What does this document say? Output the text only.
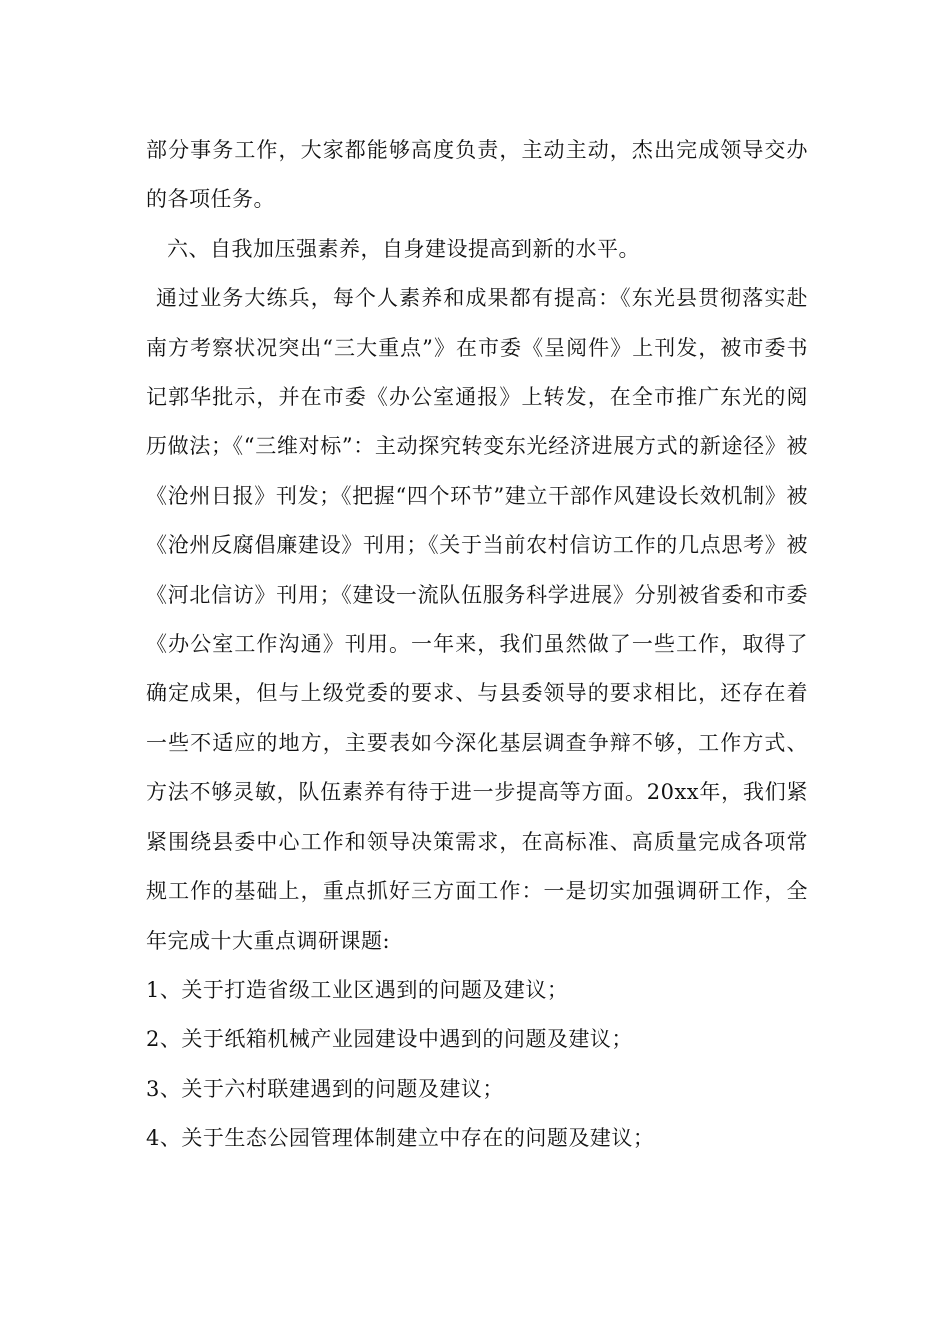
部分事务工作，大家都能够高度负责，主动主动，杰出完成领导交办的各项任务。

六、自我加压强素养，自身建设提高到新的水平。

通过业务大练兵，每个人素养和成果都有提高：《东光县贯彻落实赴南方考察状况突出“三大重点”》在市委《呈阅件》上刊发，被市委书记郭华批示，并在市委《办公室通报》上转发，在全市推广东光的阅历做法；《“三维对标”：主动探究转变东光经济进展方式的新途径》被《沧州日报》刊发；《把握“四个环节”建立干部作风建设长效机制》被《沧州反腐倡廉建设》刊用；《关于当前农村信访工作的几点思考》被《河北信访》刊用；《建设一流队伍服务科学进展》分别被省委和市委《办公室工作沟通》刊用。一年来，我们虽然做了一些工作，取得了确定成果，但与上级党委的要求、与县委领导的要求相比，还存在着一些不适应的地方，主要表如今深化基层调查争辩不够，工作方式、方法不够灵敏，队伍素养有待于进一步提高等方面。20xx年，我们紧紧围绕县委中心工作和领导决策需求，在高标准、高质量完成各项常规工作的基础上，重点抓好三方面工作：一是切实加强调研工作，全年完成十大重点调研课题:

1、关于打造省级工业区遇到的问题及建议；

2、关于纸箱机械产业园建设中遇到的问题及建议；

3、关于六村联建遇到的问题及建议；

4、关于生态公园管理体制建立中存在的问题及建议；
